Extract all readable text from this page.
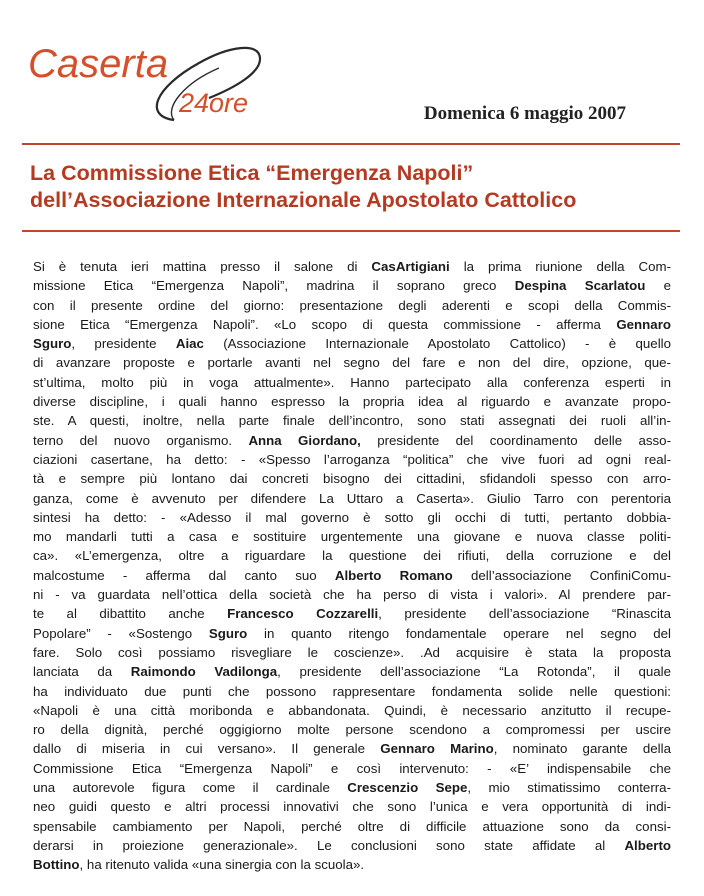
Caserta
24ore	Domenica 6 maggio 2007
La Commissione Etica “Emergenza Napoli”
dell’Associazione Internazionale Apostolato Cattolico
Si è tenuta ieri mattina presso il salone di CasArtigiani la prima riunione della Com-
missione Etica “Emergenza Napoli”, madrina il soprano greco Despina Scarlatou e
con il presente ordine del giorno: presentazione degli aderenti e scopi della Commis-
sione Etica “Emergenza Napoli”. «Lo scopo di questa commissione - afferma Gennaro
Sguro, presidente Aiac (Associazione Internazionale Apostolato Cattolico) - è quello
di avanzare proposte e portarle avanti nel segno del fare e non del dire, opzione, que-
st’ultima, molto più in voga attualmente». Hanno partecipato alla conferenza esperti in
diverse discipline, i quali hanno espresso la propria idea al riguardo e avanzate propo-
ste. A questi, inoltre, nella parte finale dell’incontro, sono stati assegnati dei ruoli all’in-
terno del nuovo organismo. Anna Giordano, presidente del coordinamento delle asso-
ciazioni casertane, ha detto: - «Spesso l’arroganza “politica” che vive fuori ad ogni real-
tà e sempre più lontano dai concreti bisogno dei cittadini, sfidandoli spesso con arro-
ganza, come è avvenuto per difendere La Uttaro a Caserta». Giulio Tarro con perentoria
sintesi ha detto: - «Adesso il mal governo è sotto gli occhi di tutti, pertanto dobbia-
mo mandarli tutti a casa e sostituire urgentemente una giovane e nuova classe politi-
ca». «L’emergenza, oltre a riguardare la questione dei rifiuti, della corruzione e del
malcostume - afferma dal canto suo Alberto Romano dell’associazione ConfiniComu-
ni - va guardata nell’ottica della società che ha perso di vista i valori». Al prendere par-
te al dibattito anche Francesco Cozzarelli, presidente dell’associazione “Rinascita
Popolare” - «Sostengo Sguro in quanto ritengo fondamentale operare nel segno del
fare. Solo così possiamo risvegliare le coscienze». .Ad acquisire è stata la proposta
lanciata da Raimondo Vadilonga, presidente dell’associazione “La Rotonda”, il quale
ha individuato due punti che possono rappresentare fondamenta solide nelle questioni:
«Napoli è una città moribonda e abbandonata. Quindi, è necessario anzitutto il recupe-
ro della dignità, perché oggigiorno molte persone scendono a compromessi per uscire
dallo di miseria in cui versano». Il generale Gennaro Marino, nominato garante della
Commissione Etica “Emergenza Napoli” e così intervenuto: - «E’ indispensabile che
una autorevole figura come il cardinale Crescenzio Sepe, mio stimatissimo conterra-
neo guidi questo e altri processi innovativi che sono l’unica e vera opportunità di indi-
spensabile cambiamento per Napoli, perché oltre di difficile attuazione sono da consi-
derarsi in proiezione generazionale». Le conclusioni sono state affidate al Alberto
Bottino, ha ritenuto valida «una sinergia con la scuola».
